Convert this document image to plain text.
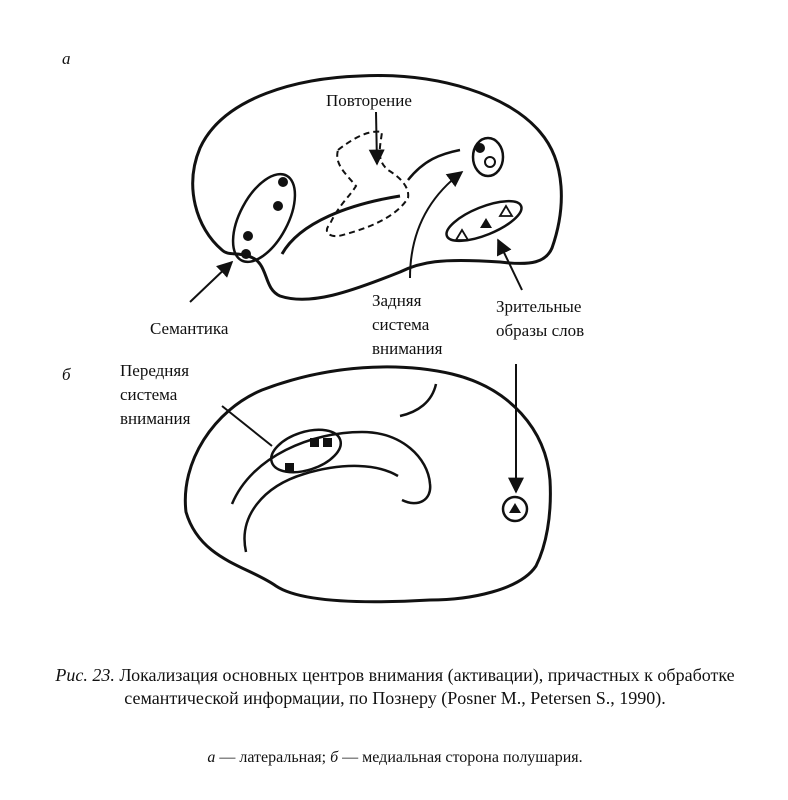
а
Повторение
Семантика
Задняя
система
внимания
Зрительные
образы слов
б	Передняя
система
внимания
Рис. 23. Локализация основных центров внимания (активации), причастных к обработке семантической информации, по Познеру (Posner M., Petersen S., 1990).
а — латеральная; б — медиальная сторона полушария.
